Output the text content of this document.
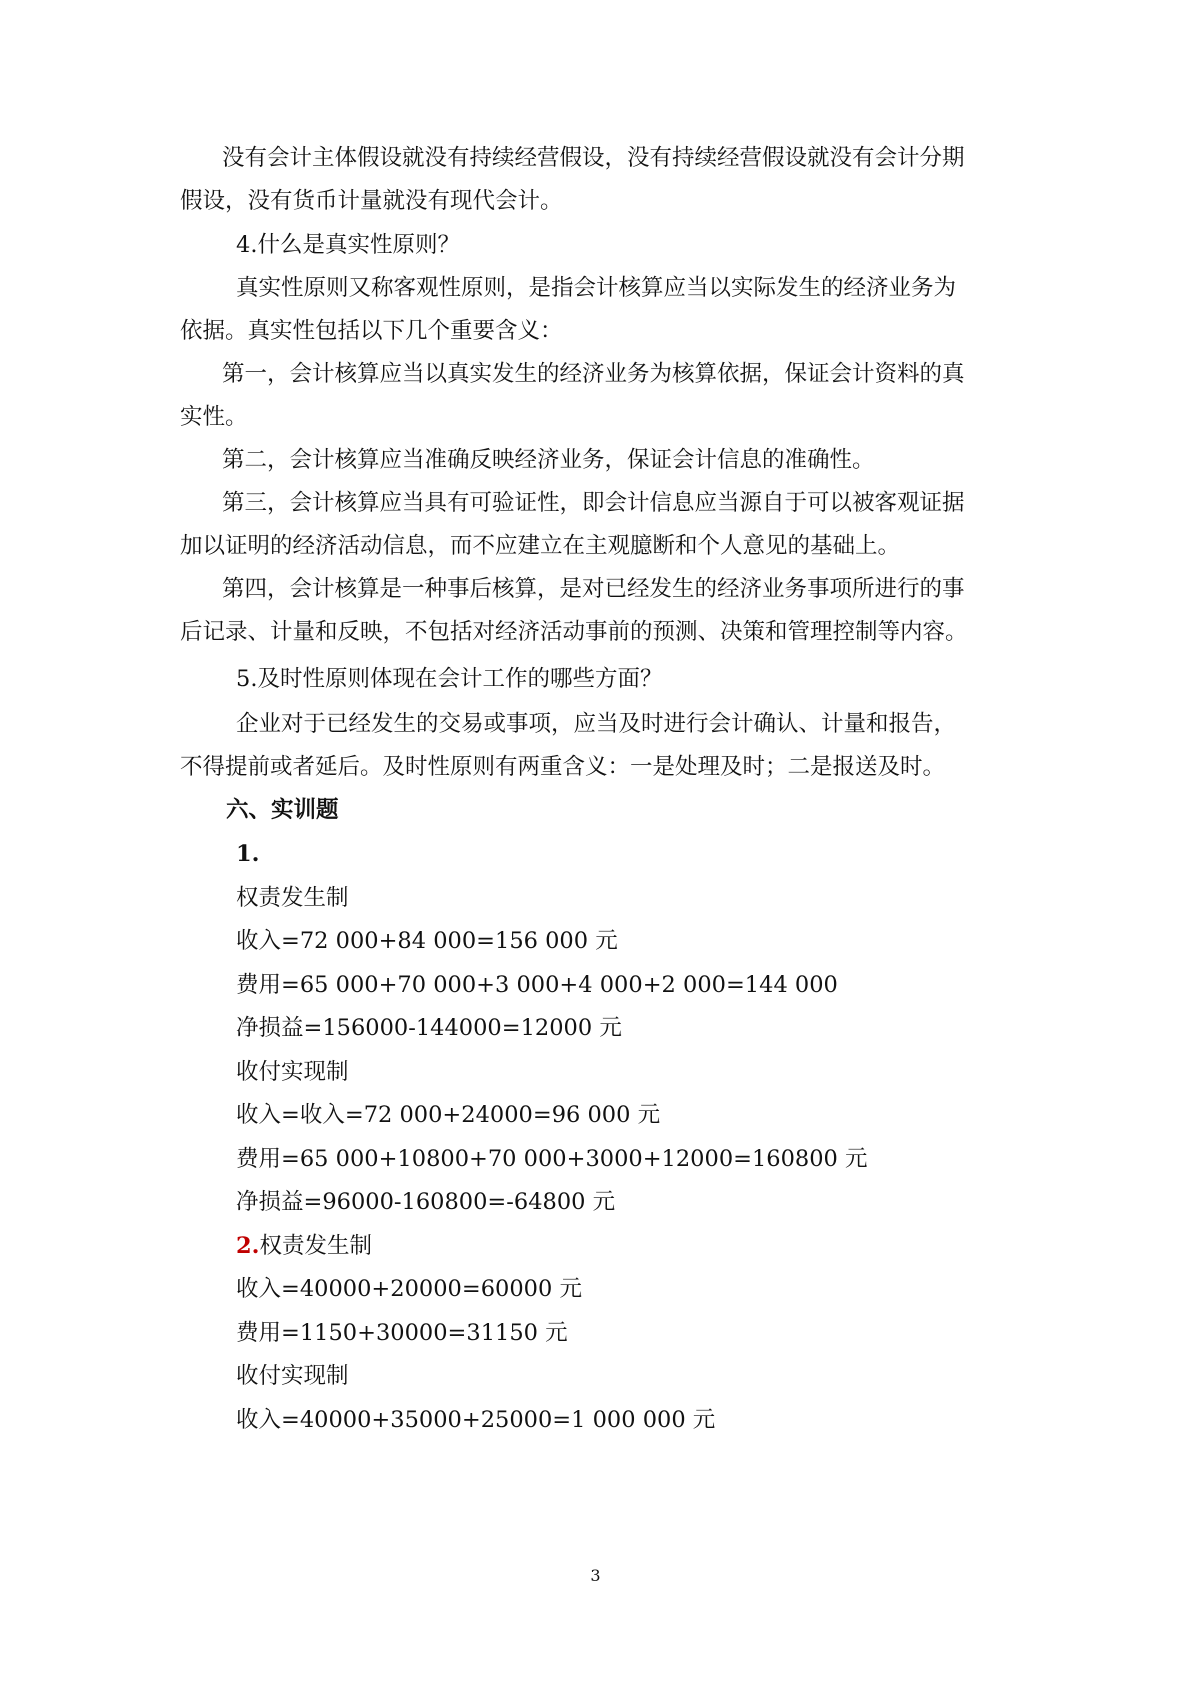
没有会计主体假设就没有持续经营假设，没有持续经营假设就没有会计分期

假设，没有货币计量就没有现代会计。

4.什么是真实性原则？

真实性原则又称客观性原则，是指会计核算应当以实际发生的经济业务为

依据。真实性包括以下几个重要含义：

第一，会计核算应当以真实发生的经济业务为核算依据，保证会计资料的真

实性。

第二，会计核算应当准确反映经济业务，保证会计信息的准确性。

第三，会计核算应当具有可验证性，即会计信息应当源自于可以被客观证据

加以证明的经济活动信息，而不应建立在主观臆断和个人意见的基础上。

第四，会计核算是一种事后核算，是对已经发生的经济业务事项所进行的事

后记录、计量和反映，不包括对经济活动事前的预测、决策和管理控制等内容。

5.及时性原则体现在会计工作的哪些方面？

企业对于已经发生的交易或事项，应当及时进行会计确认、计量和报告，

不得提前或者延后。及时性原则有两重含义：一是处理及时；二是报送及时。

六、实训题

1.

权责发生制

收入=72 000+84 000=156 000 元

费用=65 000+70 000+3 000+4 000+2 000=144 000

净损益=156000-144000=12000 元

收付实现制

收入=收入=72 000+24000=96 000 元

费用=65 000+10800+70 000+3000+12000=160800 元

净损益=96000-160800=-64800 元

2.权责发生制

收入=40000+20000=60000 元

费用=1150+30000=31150 元

收付实现制

收入=40000+35000+25000=1 000 000 元

3
